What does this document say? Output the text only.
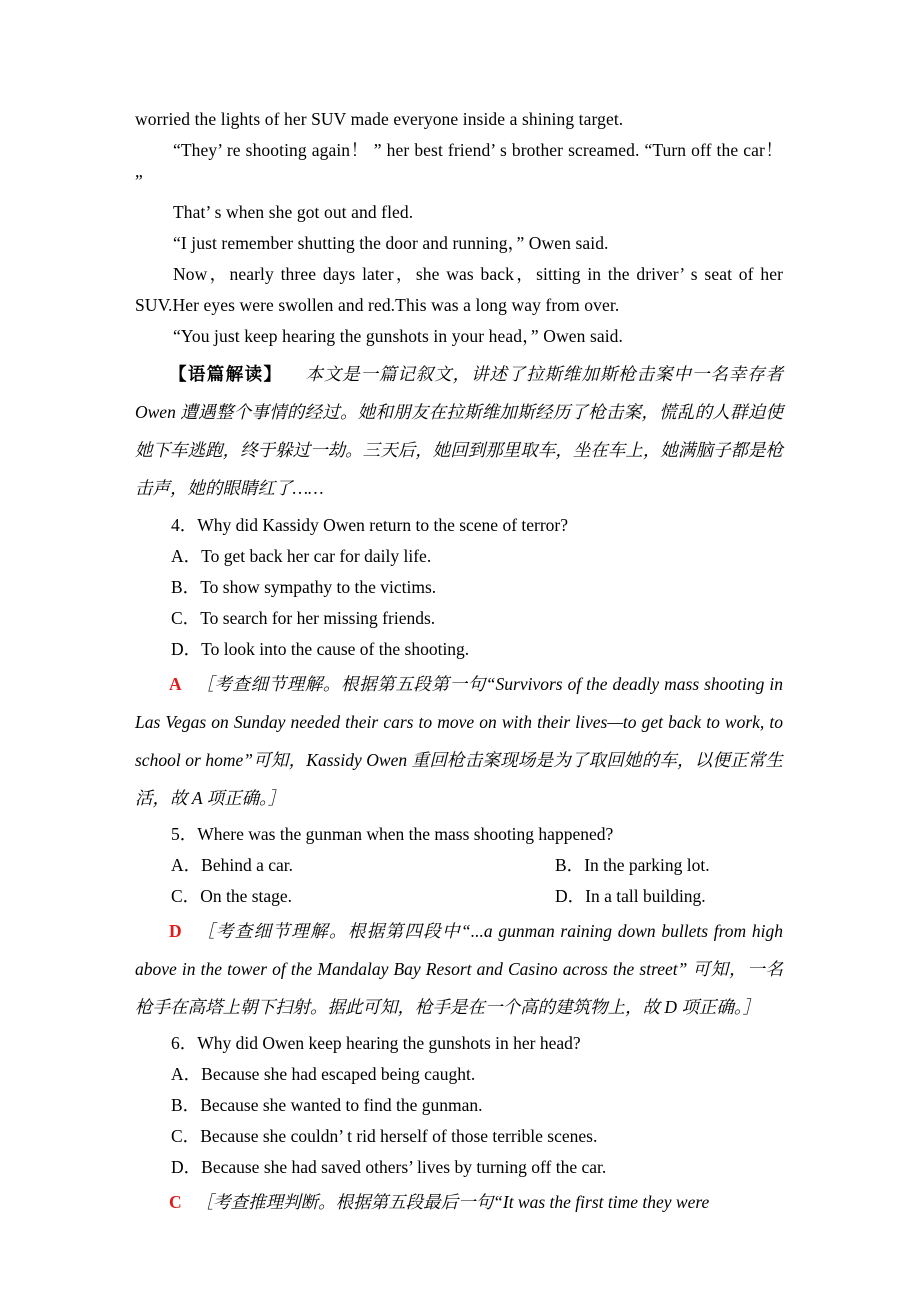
worried the lights of her SUV made everyone inside a shining target.

“They’ re shooting again！ ” her best friend’ s brother screamed. “Turn off the car！ ”

That’ s when she got out and fled.

“I just remember shutting the door and running，” Owen said.

Now，nearly three days later，she was back，sitting in the driver’ s seat of her SUV.Her eyes were swollen and red.This was a long way from over.

“You just keep hearing the gunshots in your head，” Owen said.

【语篇解读】 本文是一篇记叙文，讲述了拉斯维加斯枪击案中一名幸存者 Owen 遭遇整个事情的经过。她和朋友在拉斯维加斯经历了枪击案，慌乱的人群迫使她下车逃跑，终于躲过一劫。三天后，她回到那里取车，坐在车上，她满脑子都是枪击声，她的眼睛红了……

4．Why did Kassidy Owen return to the scene of terror?

A．To get back her car for daily life.

B．To show sympathy to the victims.

C．To search for her missing friends.

D．To look into the cause of the shooting.

A ［考查细节理解。根据第五段第一句“Survivors of the deadly mass shooting in Las Vegas on Sunday needed their cars to move on with their lives—to get back to work, to school or home”可知，Kassidy Owen 重回枪击案现场是为了取回她的车，以便正常生活，故 A 项正确。］

5．Where was the gunman when the mass shooting happened?

A．Behind a car.	B．In the parking lot.
C．On the stage.	D．In a tall building.
D ［考查细节理解。根据第四段中“...a gunman raining down bullets from high above in the tower of the Mandalay Bay Resort and Casino across the street” 可知，一名枪手在高塔上朝下扫射。据此可知，枪手是在一个高的建筑物上，故 D 项正确。］

6．Why did Owen keep hearing the gunshots in her head?

A．Because she had escaped being caught.

B．Because she wanted to find the gunman.

C．Because she couldn’ t rid herself of those terrible scenes.

D．Because she had saved others’ lives by turning off the car.

C ［考查推理判断。根据第五段最后一句“It was the first time they were
